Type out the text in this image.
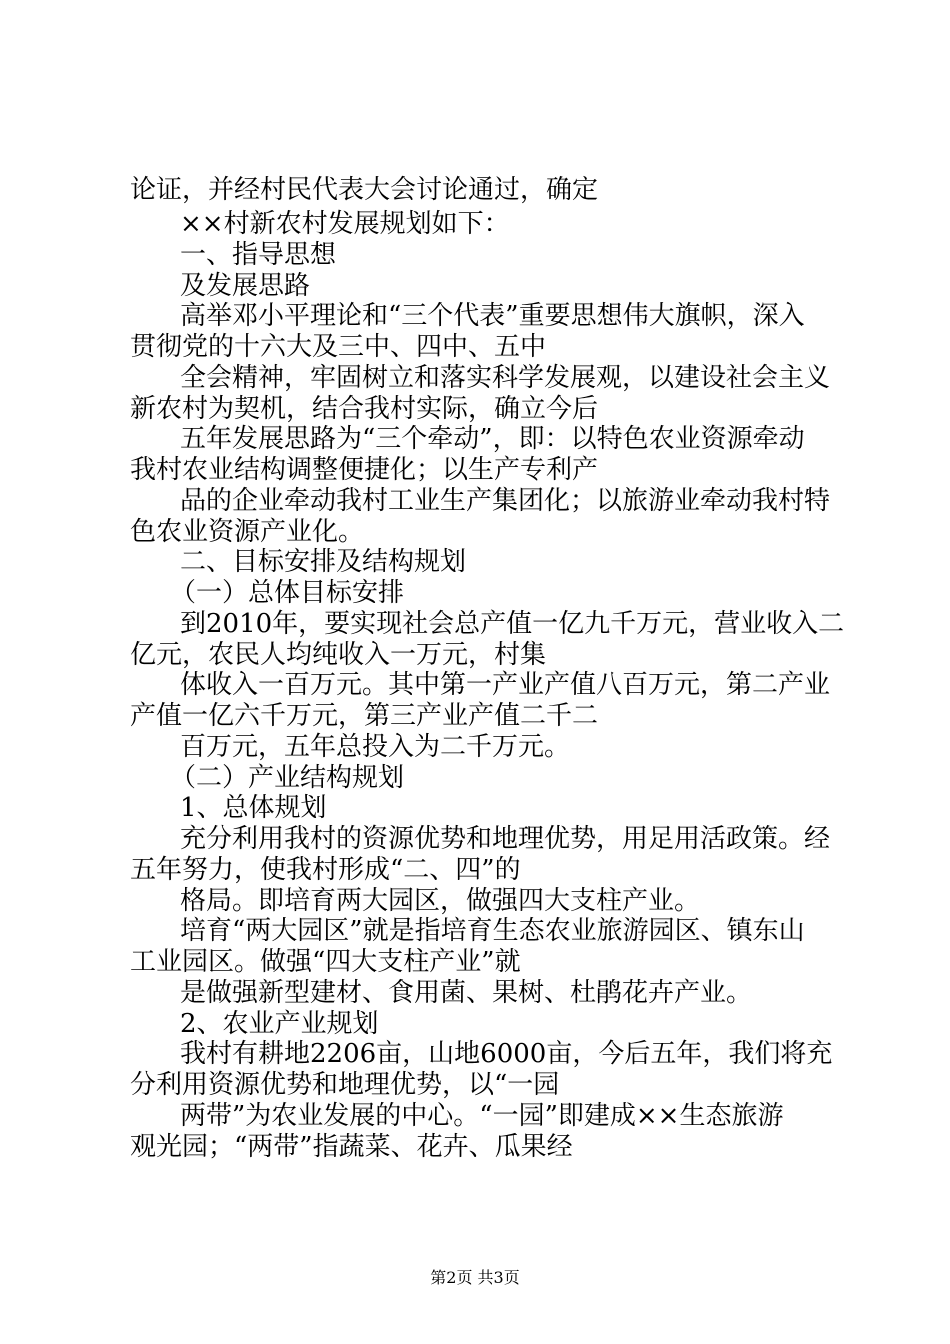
论证，并经村民代表大会讨论通过，确定
××村新农村发展规划如下：
一、指导思想
及发展思路
高举邓小平理论和“三个代表”重要思想伟大旗帜，深入
贯彻党的十六大及三中、四中、五中
全会精神，牢固树立和落实科学发展观，以建设社会主义
新农村为契机，结合我村实际，确立今后
五年发展思路为“三个牵动”，即：以特色农业资源牵动
我村农业结构调整便捷化；以生产专利产
品的企业牵动我村工业生产集团化；以旅游业牵动我村特
色农业资源产业化。
二、目标安排及结构规划
（一）总体目标安排
到2010年，要实现社会总产值一亿九千万元，营业收入二
亿元，农民人均纯收入一万元，村集
体收入一百万元。其中第一产业产值八百万元，第二产业
产值一亿六千万元，第三产业产值二千二
百万元，五年总投入为二千万元。
（二）产业结构规划
1、总体规划
充分利用我村的资源优势和地理优势，用足用活政策。经
五年努力，使我村形成“二、四”的
格局。即培育两大园区，做强四大支柱产业。
培育“两大园区”就是指培育生态农业旅游园区、镇东山
工业园区。做强“四大支柱产业”就
是做强新型建材、食用菌、果树、杜鹃花卉产业。
2、农业产业规划
我村有耕地2206亩，山地6000亩，今后五年，我们将充
分利用资源优势和地理优势，以“一园
两带”为农业发展的中心。“一园”即建成××生态旅游
观光园；“两带”指蔬菜、花卉、瓜果经
第2页 共3页
